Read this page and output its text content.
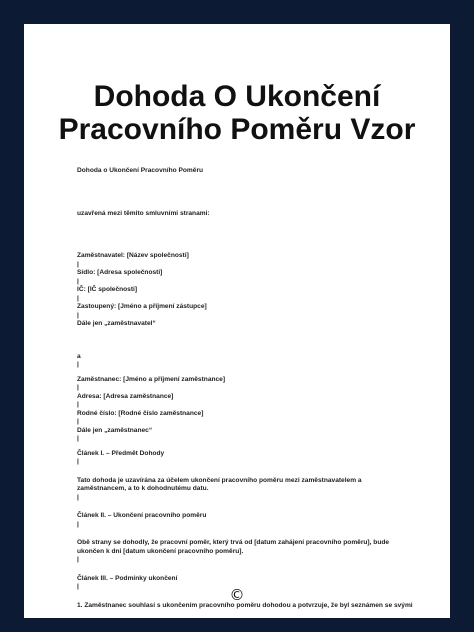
Dohoda O Ukončení
Pracovního Poměru Vzor
Dohoda o Ukončení Pracovního Poměru
uzavřená mezi těmito smluvními stranami:
Zaměstnavatel: [Název společnosti]
|
Sídlo: [Adresa společnosti]
|
IČ: [IČ společnosti]
|
Zastoupený: [Jméno a příjmení zástupce]
|
Dále jen „zaměstnavatel“
a
|
Zaměstnanec: [Jméno a příjmení zaměstnance]
|
Adresa: [Adresa zaměstnance]
|
Rodné číslo: [Rodné číslo zaměstnance]
|
Dále jen „zaměstnanec“
|
Článek I. – Předmět Dohody
|
Tato dohoda je uzavírána za účelem ukončení pracovního poměru mezi zaměstnavatelem a zaměstnancem, a to k dohodnutému datu.
|
Článek II. – Ukončení pracovního poměru
|
Obě strany se dohodly, že pracovní poměr, který trvá od [datum zahájení pracovního poměru], bude ukončen k dni [datum ukončení pracovního poměru].
|
Článek III. – Podmínky ukončení
|
1. Zaměstnanec souhlasí s ukončením pracovního poměru dohodou a potvrzuje, že byl seznámen se svými
©
